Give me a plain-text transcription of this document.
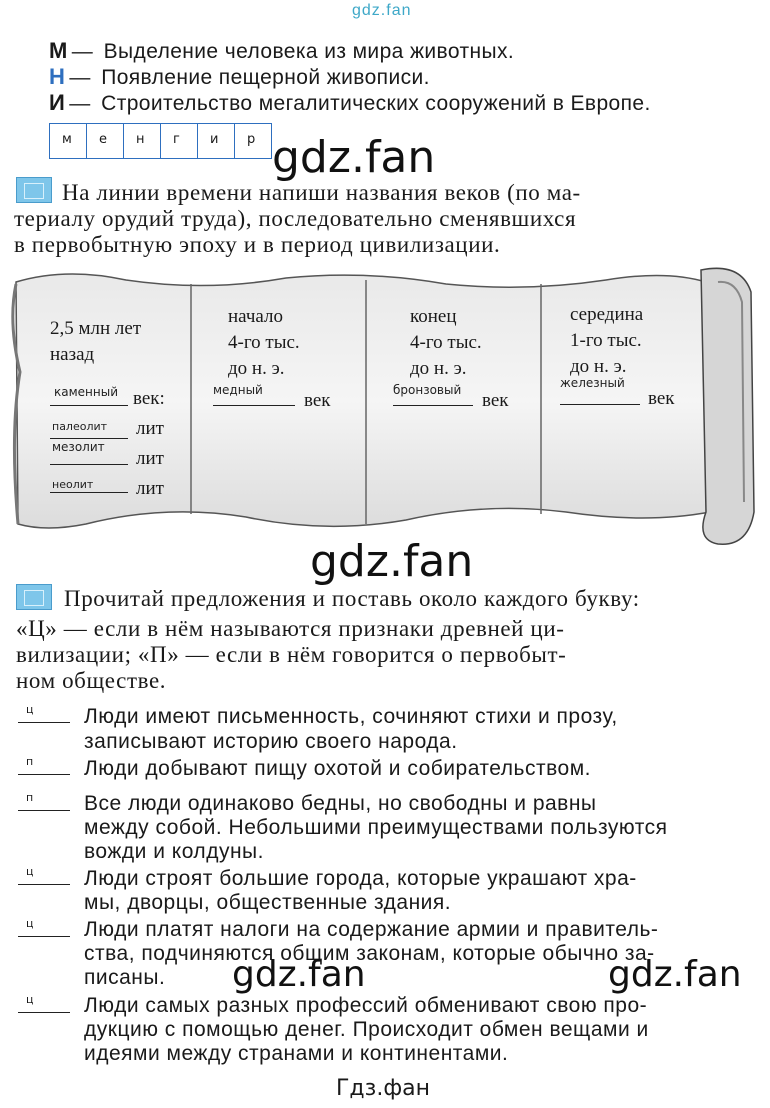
gdz.fan
М — Выделение человека из мира животных.
Н — Появление пещерной живописи.
И — Строительство мегалитических сооружений в Европе.
м е н г и р gdz.fan
На линии времени напиши названия веков (по ма-
териалу орудий труда), последовательно сменявшихся
в первобытную эпоху и в период цивилизации.
2,5 млн лет
назад
каменный век:
палеолит лит
мезолит
лит
неолит лит
начало
4-го тыс.
до н. э.
медный век
конец
4-го тыс.
до н. э.
бронзовый век
середина
1-го тыс.
до н. э.
железный
век
gdz.fan
Прочитай предложения и поставь около каждого букву:
«Ц» — если в нём называются признаки древней ци-
вилизации; «П» — если в нём говорится о первобыт-
ном обществе.
ц Люди имеют письменность, сочиняют стихи и прозу,
записывают историю своего народа.
п Люди добывают пищу охотой и собирательством.
п Все люди одинаково бедны, но свободны и равны
между собой. Небольшими преимуществами пользуются
вожди и колдуны.
ц Люди строят большие города, которые украшают хра-
мы, дворцы, общественные здания.
ц Люди платят налоги на содержание армии и правитель-
ства, подчиняются общим законам, которые обычно за-
писаны. gdz.fan	gdz.fan
ц Люди самых разных профессий обменивают свою про-
дукцию с помощью денег. Происходит обмен вещами и
идеями между странами и континентами.
Гдз.фан
